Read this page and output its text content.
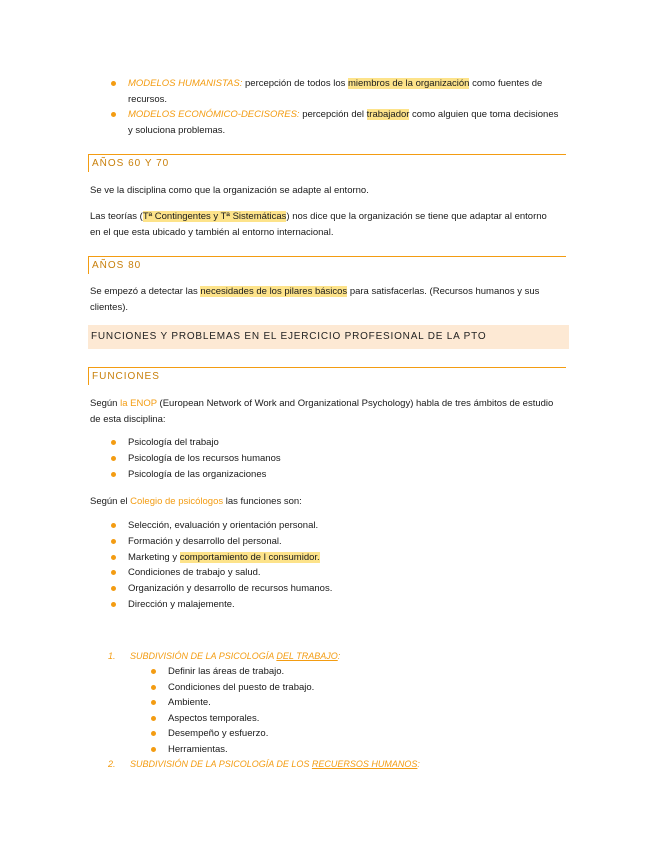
MODELOS HUMANISTAS: percepción de todos los miembros de la organización como fuentes de
recursos.
MODELOS ECONÓMICO-DECISORES: percepción del trabajador como alguien que toma decisiones
y soluciona problemas.
AÑOS 60 Y 70
Se ve la disciplina como que la organización se adapte al entorno.
Las teorías (Tª Contingentes y Tª Sistemáticas) nos dice que la organización se tiene que adaptar al entorno
en el que esta ubicado y también al entorno internacional.
AÑOS 80
Se empezó a detectar las necesidades de los pilares básicos para satisfacerlas. (Recursos humanos y sus
clientes).
FUNCIONES Y PROBLEMAS EN EL EJERCICIO PROFESIONAL DE LA PTO
FUNCIONES
Según la ENOP (European Network of Work and Organizational Psychology) habla de tres ámbitos de estudio
de esta disciplina:
Psicología del trabajo
Psicología de los recursos humanos
Psicología de las organizaciones
Según el Colegio de psicólogos las funciones son:
Selección, evaluación y orientación personal.
Formación y desarrollo del personal.
Marketing y comportamiento de l consumidor.
Condiciones de trabajo y salud.
Organización y desarrollo de recursos humanos.
Dirección y malajemente.
1. SUBDIVISIÓN DE LA PSICOLOGÍA DEL TRABAJO:
Definir las áreas de trabajo.
Condiciones del puesto de trabajo.
Ambiente.
Aspectos temporales.
Desempeño y esfuerzo.
Herramientas.
2. SUBDIVISIÓN DE LA PSICOLOGÍA DE LOS RECUERSOS HUMANOS:
